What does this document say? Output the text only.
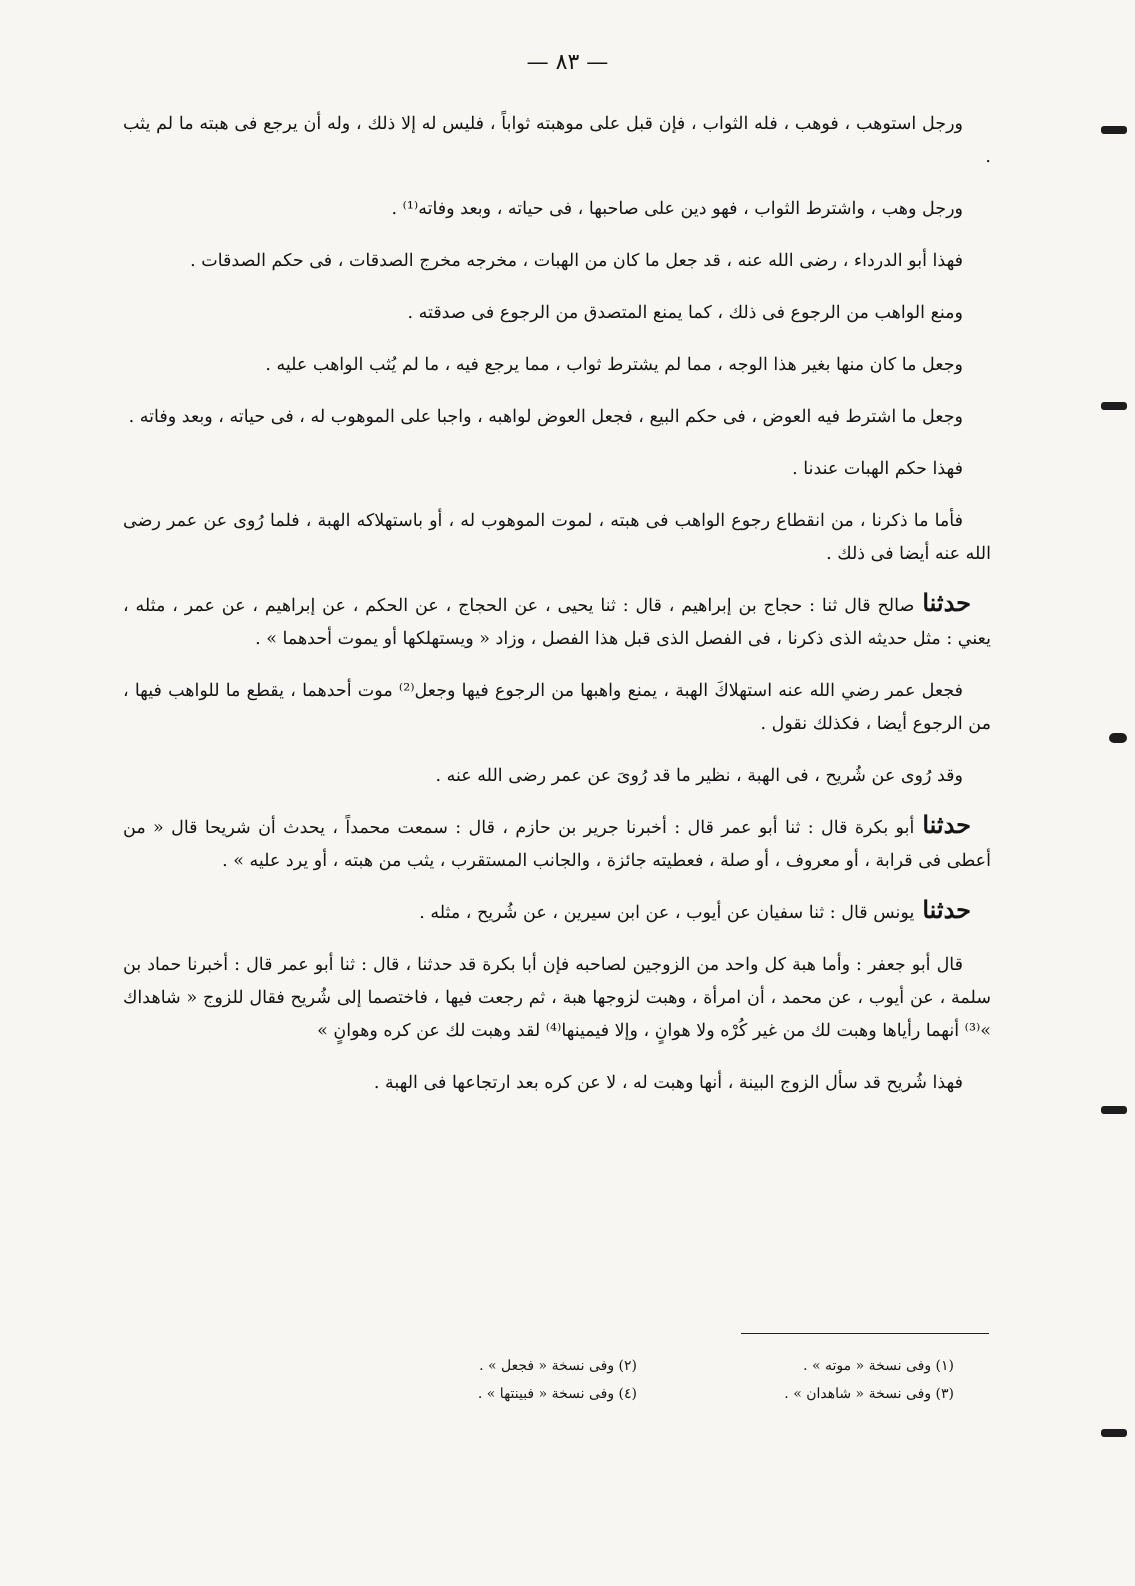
— ٨٣ —

ورجل استوهب ، فوهب ، فله الثواب ، فإن قبل على موهبته ثواباً ، فليس له إلا ذلك ، وله أن يرجع فى هبته ما لم يثب .

ورجل وهب ، واشترط الثواب ، فهو دين على صاحبها ، فى حياته ، وبعد وفاته⁽¹⁾ .

فهذا أبو الدرداء ، رضى الله عنه ، قد جعل ما كان من الهبات ، مخرجه مخرج الصدقات ، فى حكم الصدقات .

ومنع الواهب من الرجوع فى ذلك ، كما يمنع المتصدق من الرجوع فى صدقته .

وجعل ما كان منها بغير هذا الوجه ، مما لم يشترط ثواب ، مما يرجع فيه ، ما لم يُثب الواهب عليه .

وجعل ما اشترط فيه العوض ، فى حكم البيع ، فجعل العوض لواهبه ، واجبا على الموهوب له ، فى حياته ، وبعد وفاته .

فهذا حكم الهبات عندنا .

فأما ما ذكرنا ، من انقطاع رجوع الواهب فى هبته ، لموت الموهوب له ، أو باستهلاكه الهبة ، فلما رُوى عن عمر رضى الله عنه أيضا فى ذلك .

حدثناصالح قال ثنا : حجاج بن إبراهيم ، قال : ثنا يحيى ، عن الحجاج ، عن الحكم ، عن إبراهيم ، عن عمر ، مثله ، يعني : مثل حديثه الذى ذكرنا ، فى الفصل الذى قبل هذا الفصل ، وزاد « ويستهلكها أو يموت أحدهما » .

فجعل عمر رضي الله عنه استهلاكَ الهبة ، يمنع واهبها من الرجوع فيها وجعل⁽²⁾ موت أحدهما ، يقطع ما للواهب فيها ، من الرجوع أيضا ، فكذلك نقول .

وقد رُوى عن شُريح ، فى الهبة ، نظير ما قد رُوىَ عن عمر رضى الله عنه .

حدثناأبو بكرة قال : ثنا أبو عمر قال : أخبرنا جرير بن حازم ، قال : سمعت محمداً ، يحدث أن شريحا قال « من أعطى فى قرابة ، أو معروف ، أو صلة ، فعطيته جائزة ، والجانب المستقرب ، يثب من هبته ، أو يرد عليه » .

حدثنايونس قال : ثنا سفيان عن أيوب ، عن ابن سيرين ، عن شُريح ، مثله .

قال أبو جعفر : وأما هبة كل واحد من الزوجين لصاحبه فإن أبا بكرة قد حدثنا ، قال : ثنا أبو عمر قال : أخبرنا حماد بن سلمة ، عن أيوب ، عن محمد ، أن امرأة ، وهبت لزوجها هبة ، ثم رجعت فيها ، فاختصما إلى شُريح فقال للزوج « شاهداك »⁽³⁾ أنهما رأياها وهبت لك من غير كُرْه ولا هوانٍ ، وإلا فيمينها⁽⁴⁾ لقد وهبت لك عن كره وهوانٍ »

فهذا شُريح قد سأل الزوج البينة ، أنها وهبت له ، لا عن كره بعد ارتجاعها فى الهبة .

(١) وفى نسخة « موته » .
(٢) وفى نسخة « فجعل » .
(٣) وفى نسخة « شاهدان » .
(٤) وفى نسخة « فبينتها » .
